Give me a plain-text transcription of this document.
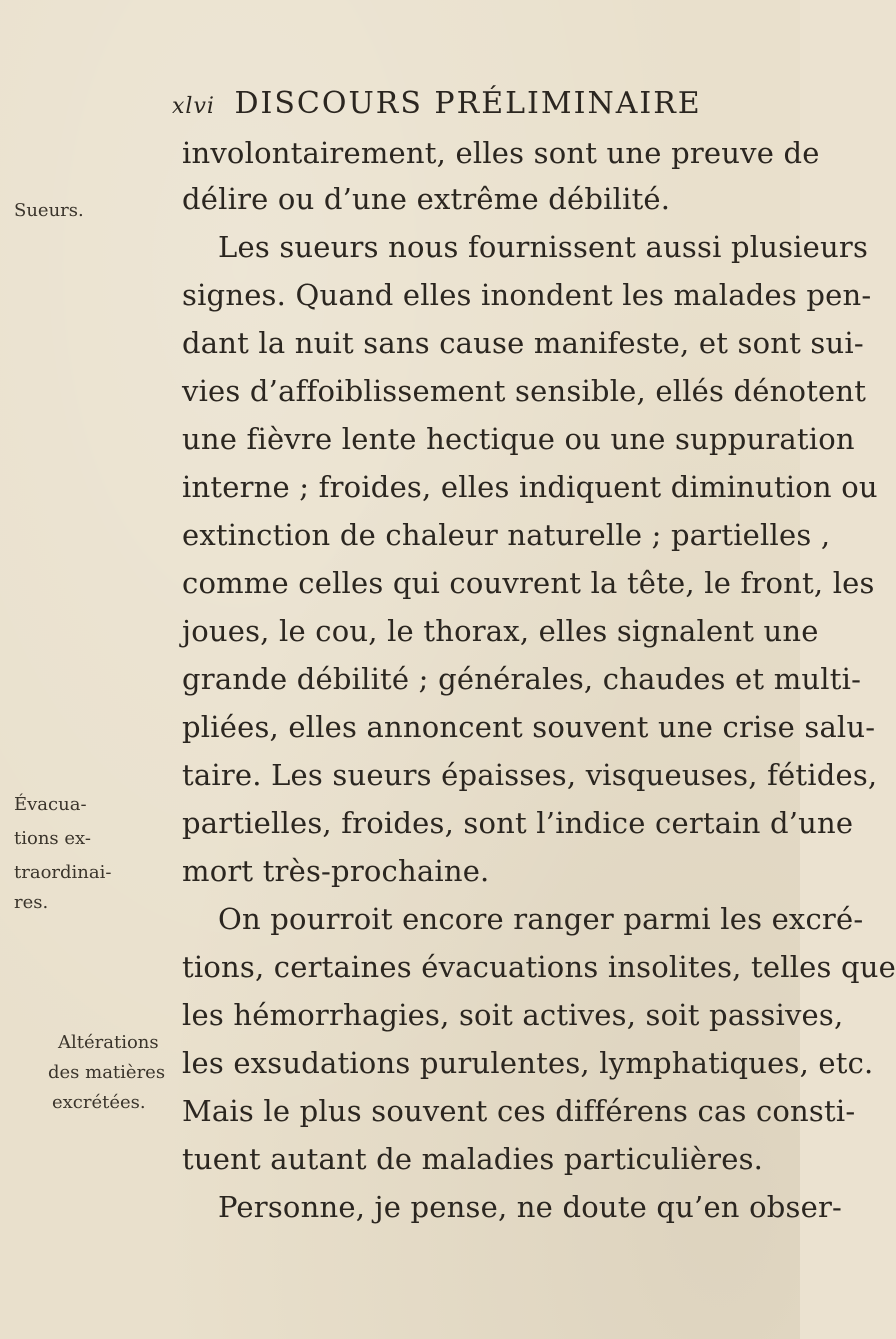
xlvi DISCOURS PRÉLIMINAIRE
Sueurs.
Évacua-
tions ex-
traordinai-
res.
Altérations
des matières
excrétées.
involontairement, elles sont une preuve de
délire ou d’une extrême débilité.
Les sueurs nous fournissent aussi plusieurs
signes. Quand elles inondent les malades pen-
dant la nuit sans cause manifeste, et sont sui-
vies d’affoiblissement sensible, ellés dénotent
une fièvre lente hectique ou une suppuration
interne ; froides, elles indiquent diminution ou
extinction de chaleur naturelle ; partielles ,
comme celles qui couvrent la tête, le front, les
joues, le cou, le thorax, elles signalent une
grande débilité ; générales, chaudes et multi-
pliées, elles annoncent souvent une crise salu-
taire. Les sueurs épaisses, visqueuses, fétides,
partielles, froides, sont l’indice certain d’une
mort très-prochaine.
On pourroit encore ranger parmi les excré-
tions, certaines évacuations insolites, telles que
les hémorrhagies, soit actives, soit passives,
les exsudations purulentes, lymphatiques, etc.
Mais le plus souvent ces différens cas consti-
tuent autant de maladies particulières.
Personne, je pense, ne doute qu’en obser-
